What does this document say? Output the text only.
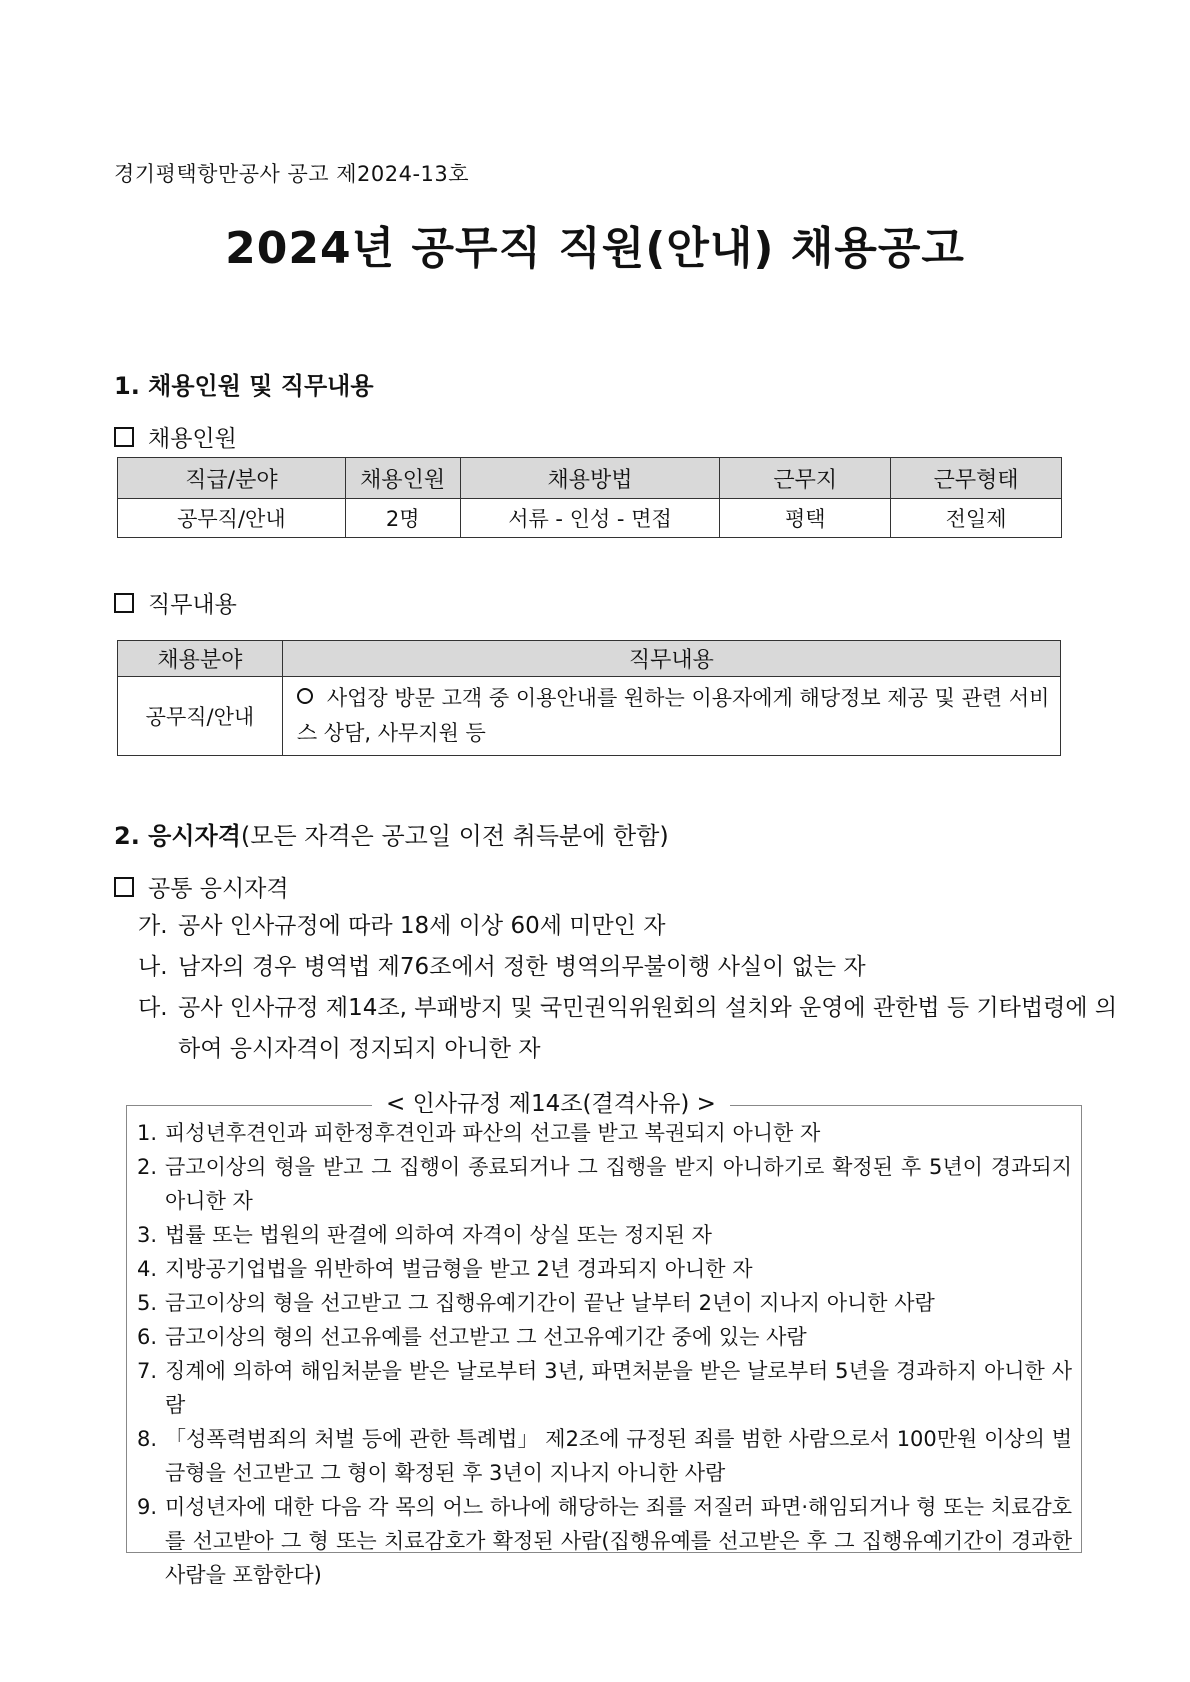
경기평택항만공사 공고 제2024-13호
2024년 공무직 직원(안내) 채용공고
1. 채용인원 및 직무내용
채용인원
직급/분야	채용인원	채용방법	근무지	근무형태
공무직/안내	2명	서류 - 인성 - 면접	평택	전일제
직무내용
채용분야	직무내용
공무직/안내	사업장 방문 고객 중 이용안내를 원하는 이용자에게 해당정보 제공 및 관련 서비스 상담, 사무지원 등
2. 응시자격(모든 자격은 공고일 이전 취득분에 한함)
공통 응시자격
가. 공사 인사규정에 따라 18세 이상 60세 미만인 자
나. 남자의 경우 병역법 제76조에서 정한 병역의무불이행 사실이 없는 자
다. 공사 인사규정 제14조, 부패방지 및 국민권익위원회의 설치와 운영에 관한법 등 기타법령에 의하여 응시자격이 정지되지 아니한 자
< 인사규정 제14조(결격사유) >
1. 피성년후견인과 피한정후견인과 파산의 선고를 받고 복권되지 아니한 자
2. 금고이상의 형을 받고 그 집행이 종료되거나 그 집행을 받지 아니하기로 확정된 후 5년이 경과되지 아니한 자
3. 법률 또는 법원의 판결에 의하여 자격이 상실 또는 정지된 자
4. 지방공기업법을 위반하여 벌금형을 받고 2년 경과되지 아니한 자
5. 금고이상의 형을 선고받고 그 집행유예기간이 끝난 날부터 2년이 지나지 아니한 사람
6. 금고이상의 형의 선고유예를 선고받고 그 선고유예기간 중에 있는 사람
7. 징계에 의하여 해임처분을 받은 날로부터 3년, 파면처분을 받은 날로부터 5년을 경과하지 아니한 사람
8. 「성폭력범죄의 처벌 등에 관한 특례법」 제2조에 규정된 죄를 범한 사람으로서 100만원 이상의 벌금형을 선고받고 그 형이 확정된 후 3년이 지나지 아니한 사람
9. 미성년자에 대한 다음 각 목의 어느 하나에 해당하는 죄를 저질러 파면·해임되거나 형 또는 치료감호를 선고받아 그 형 또는 치료감호가 확정된 사람(집행유예를 선고받은 후 그 집행유예기간이 경과한 사람을 포함한다)
